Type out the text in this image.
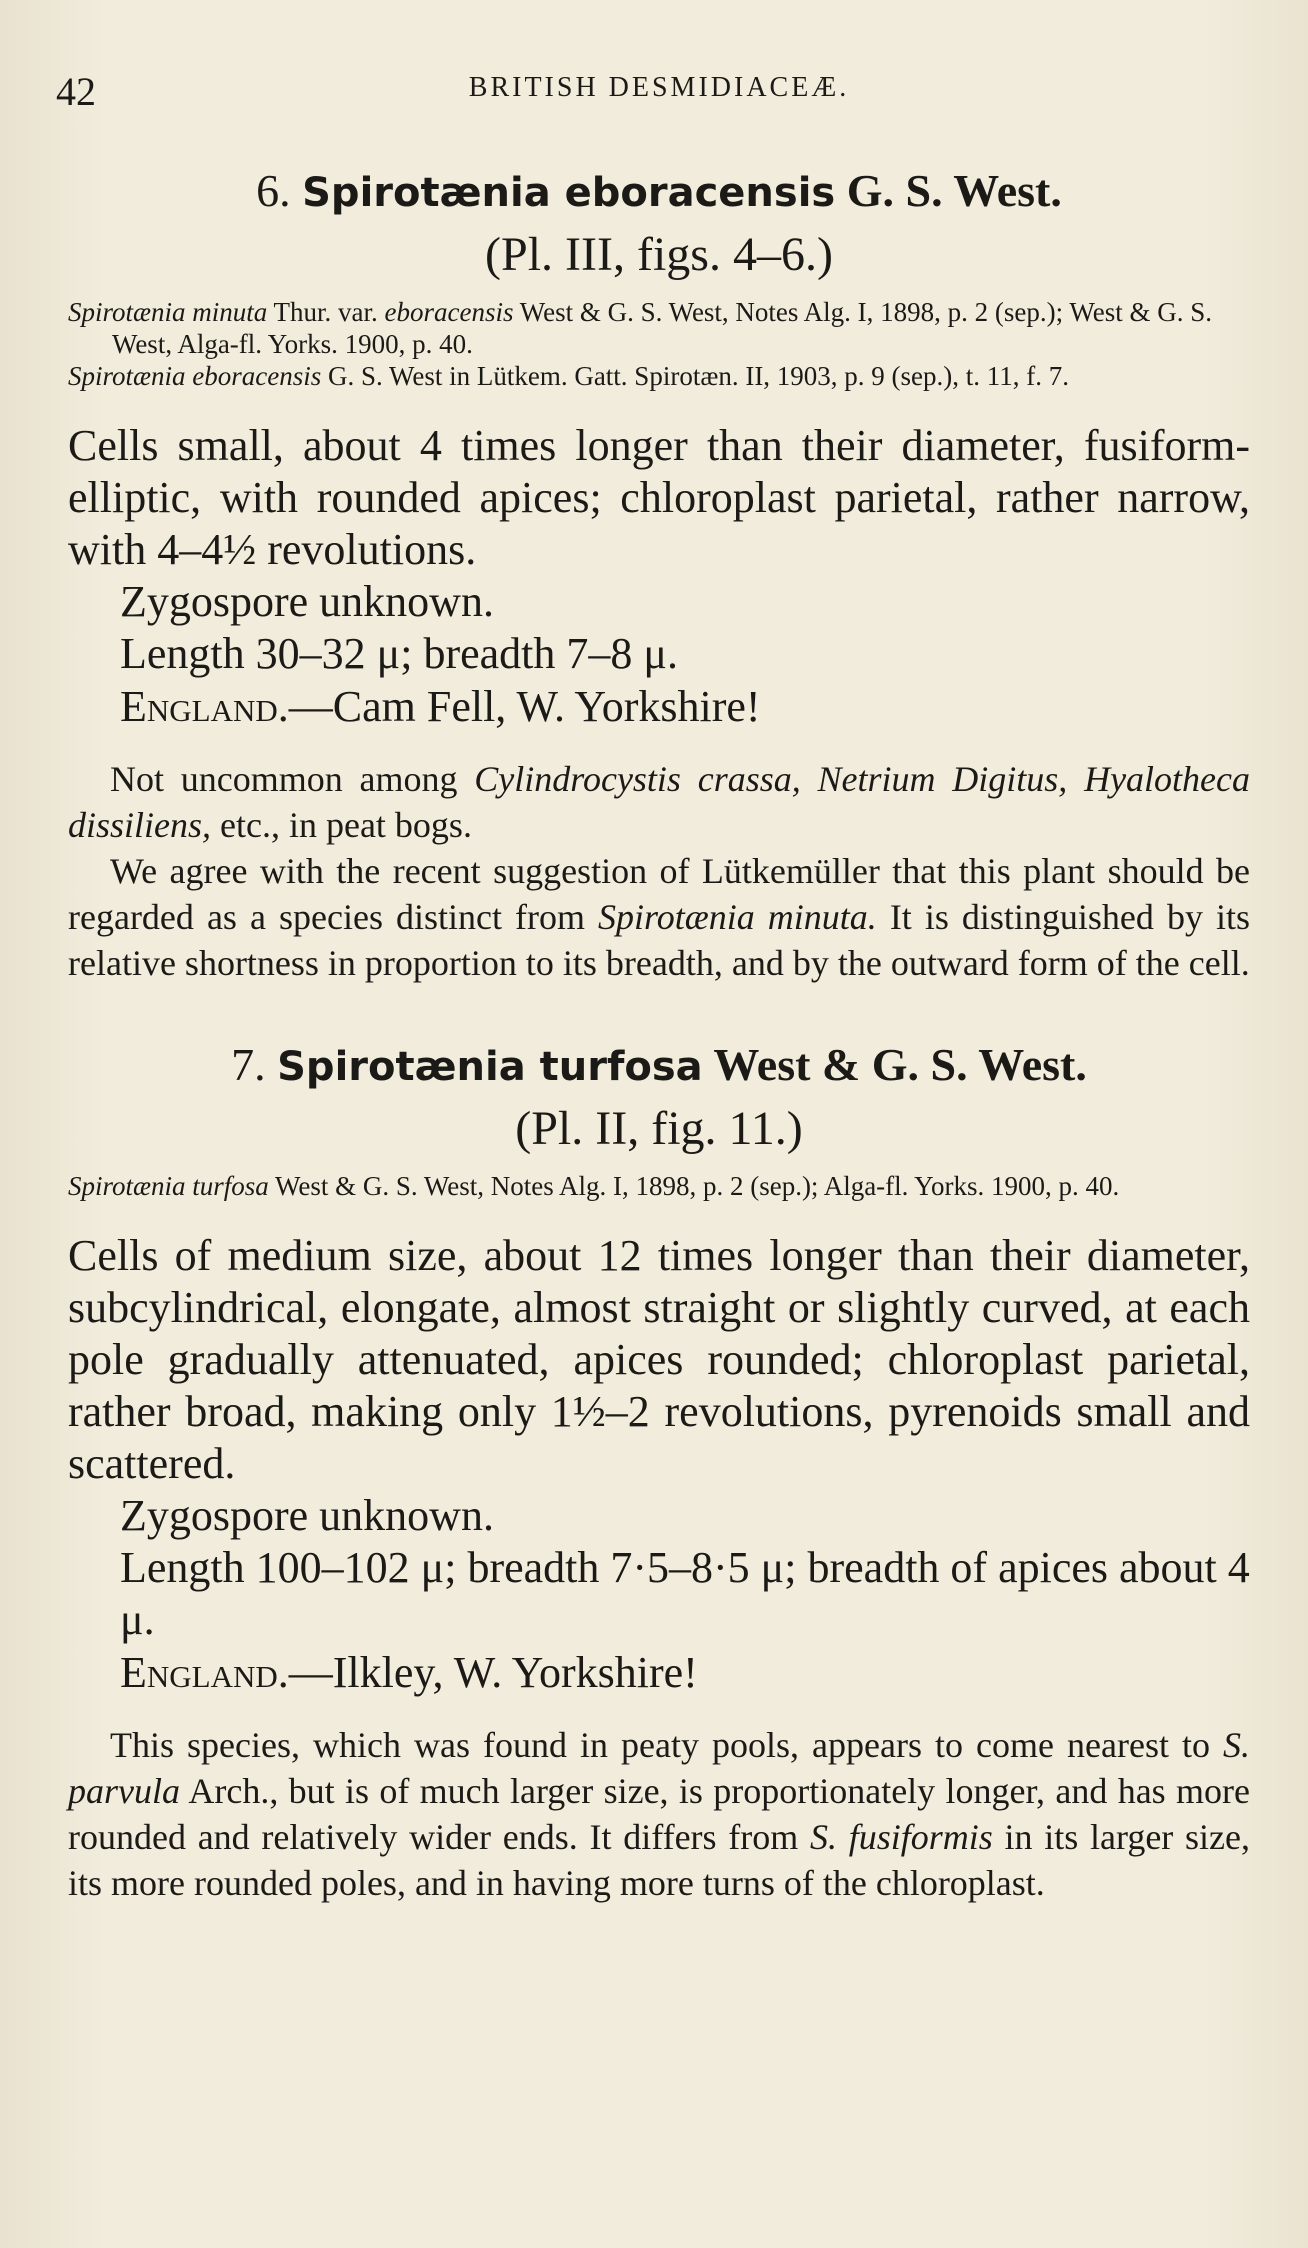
42	BRITISH DESMIDIACEÆ.
6. Spirotænia eboracensis G. S. West.
(Pl. III, figs. 4–6.)

Spirotænia minuta Thur. var. eboracensis West & G. S. West, Notes Alg. I, 1898, p. 2 (sep.); West & G. S. West, Alga-fl. Yorks. 1900, p. 40.

Spirotænia eboracensis G. S. West in Lütkem. Gatt. Spirotæn. II, 1903, p. 9 (sep.), t. 11, f. 7.

Cells small, about 4 times longer than their diameter, fusiform-elliptic, with rounded apices; chloroplast parietal, rather narrow, with 4–4½ revolutions.

Zygospore unknown.

Length 30–32 μ; breadth 7–8 μ.

England.—Cam Fell, W. Yorkshire!

Not uncommon among Cylindrocystis crassa, Netrium Digitus, Hyalotheca dissiliens, etc., in peat bogs.

We agree with the recent suggestion of Lütkemüller that this plant should be regarded as a species distinct from Spirotænia minuta. It is distinguished by its relative shortness in proportion to its breadth, and by the outward form of the cell.

7. Spirotænia turfosa West & G. S. West.
(Pl. II, fig. 11.)

Spirotænia turfosa West & G. S. West, Notes Alg. I, 1898, p. 2 (sep.); Alga-fl. Yorks. 1900, p. 40.

Cells of medium size, about 12 times longer than their diameter, subcylindrical, elongate, almost straight or slightly curved, at each pole gradually attenuated, apices rounded; chloroplast parietal, rather broad, making only 1½–2 revolutions, pyrenoids small and scattered.

Zygospore unknown.

Length 100–102 μ; breadth 7·5–8·5 μ; breadth of apices about 4 μ.

England.—Ilkley, W. Yorkshire!

This species, which was found in peaty pools, appears to come nearest to S. parvula Arch., but is of much larger size, is proportionately longer, and has more rounded and relatively wider ends. It differs from S. fusiformis in its larger size, its more rounded poles, and in having more turns of the chloroplast.
